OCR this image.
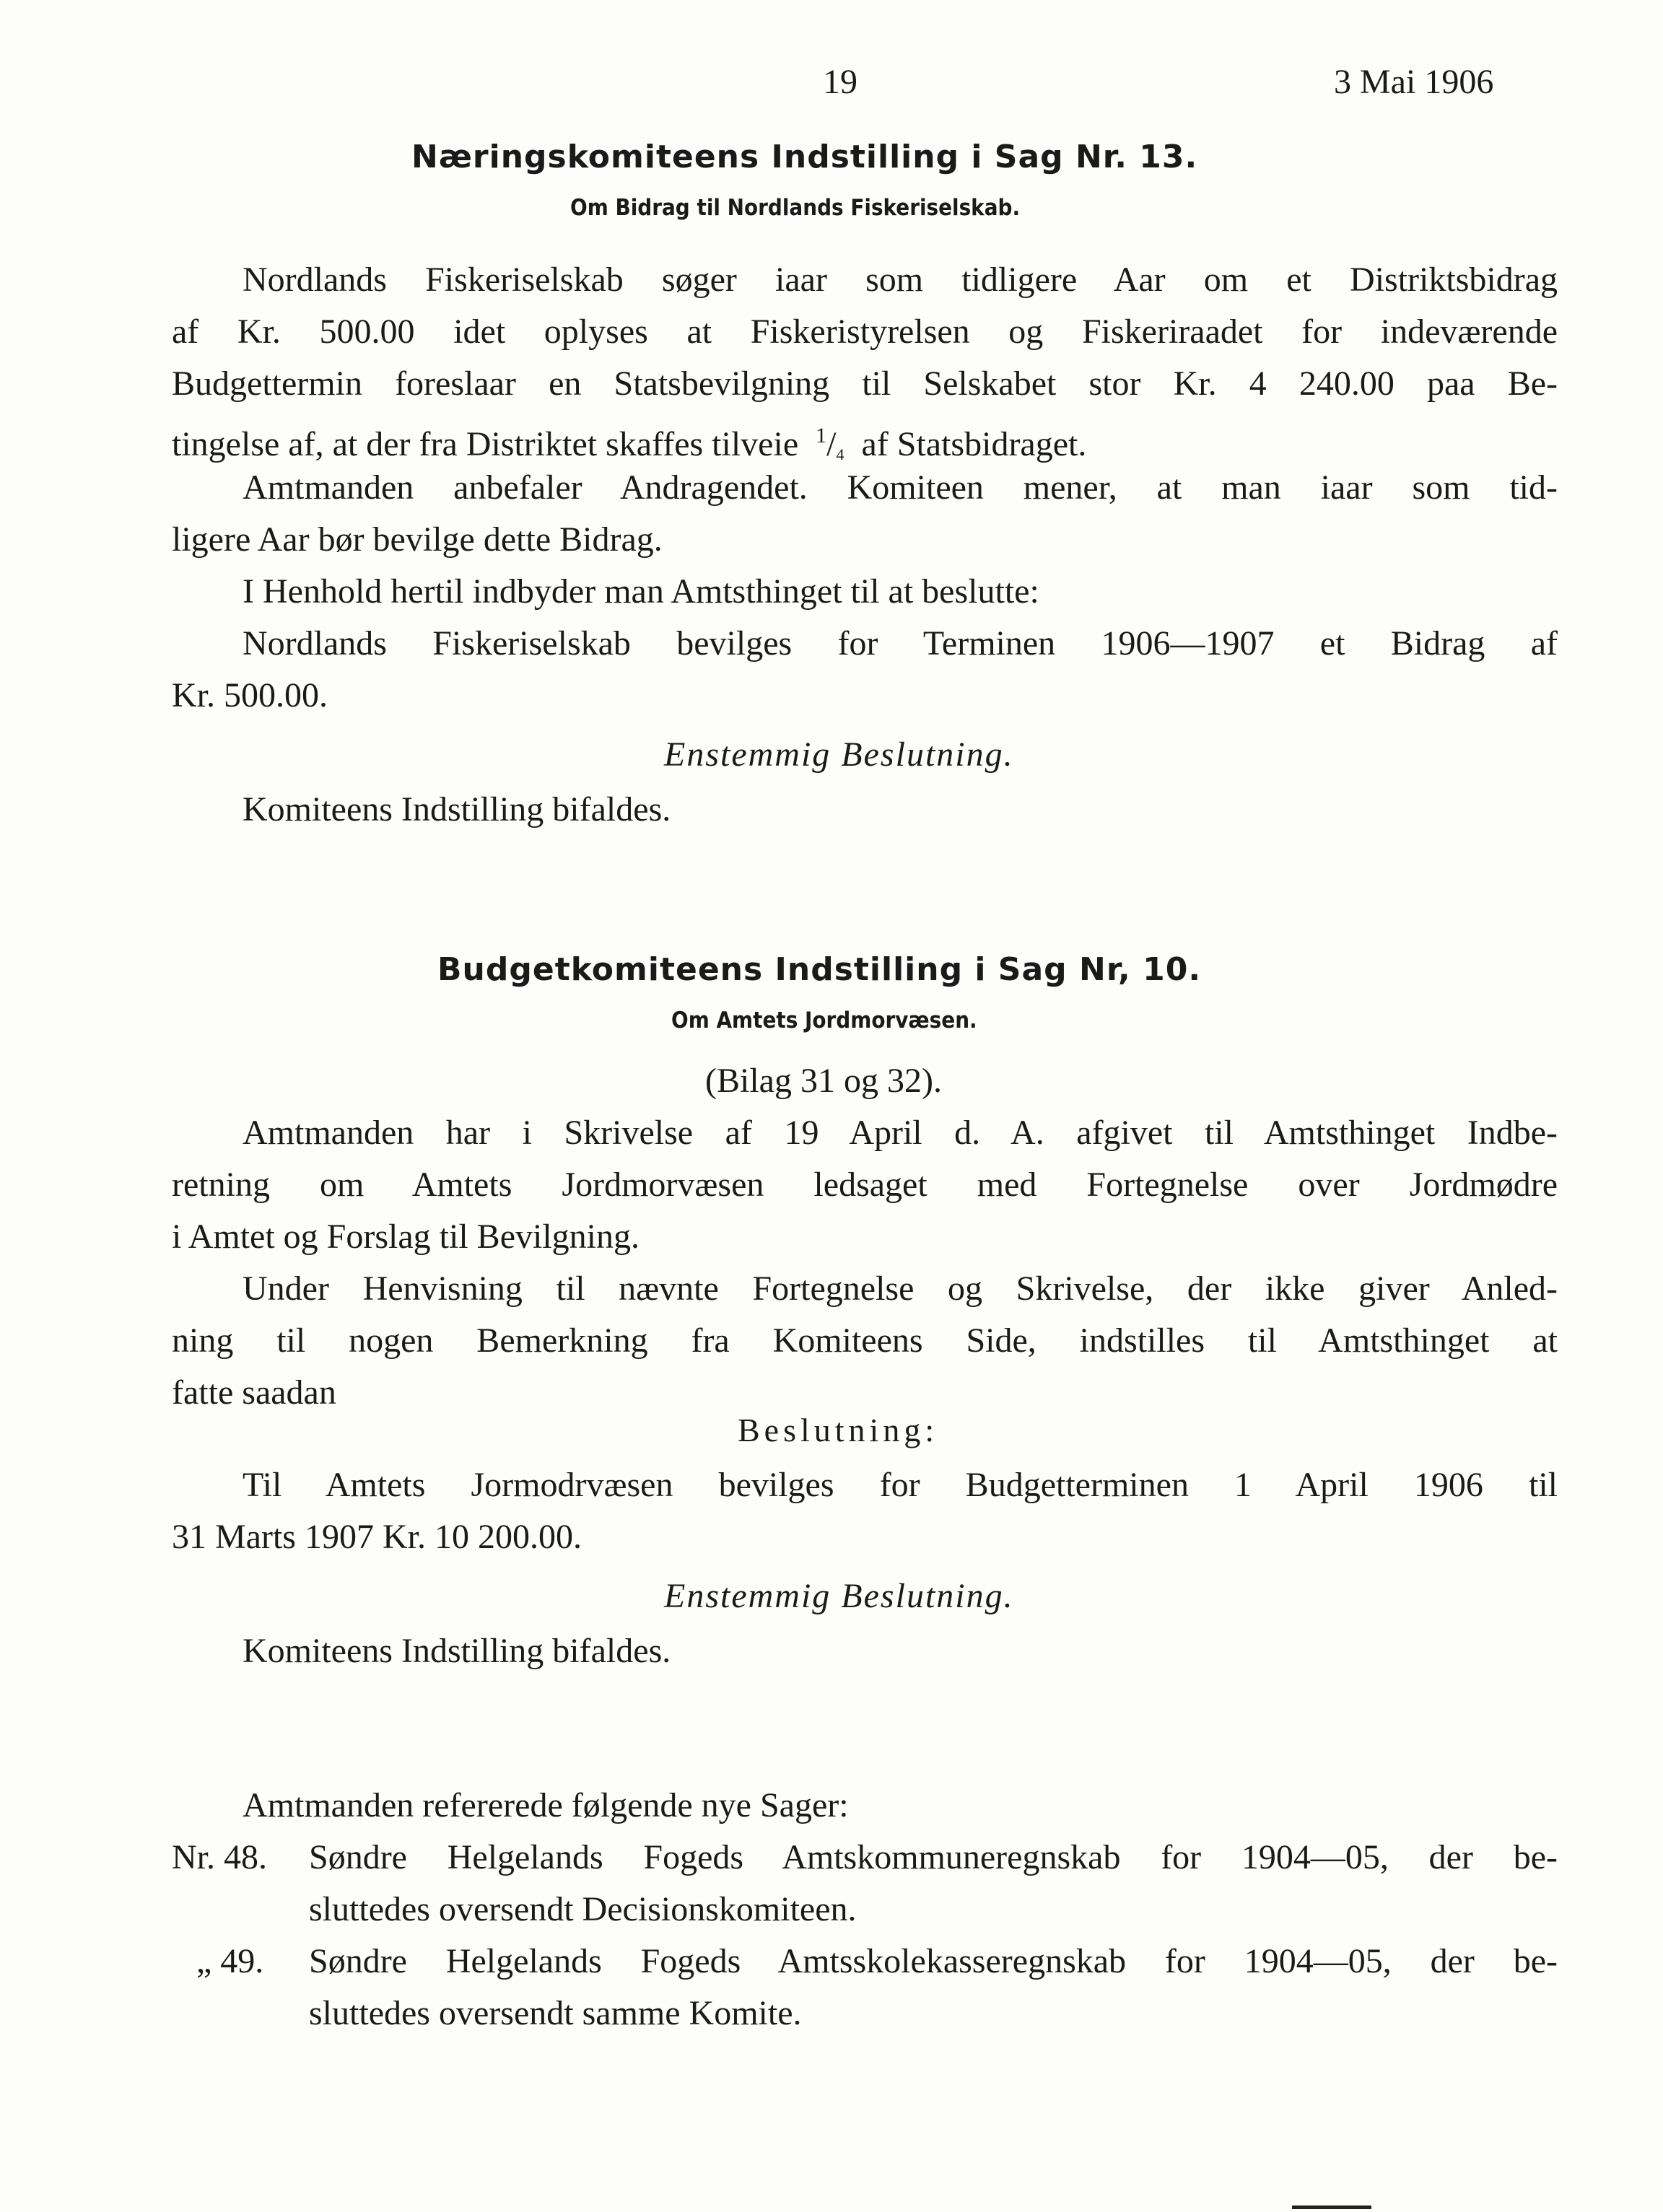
19	3 Mai 1906
Næringskomiteens Indstilling i Sag Nr. 13.
Om Bidrag til Nordlands Fiskeriselskab.
Nordlands Fiskeriselskab søger iaar som tidligere Aar om et Distriktsbidrag
af Kr. 500.00 idet oplyses at Fiskeristyrelsen og Fiskeriraadet for indeværende
Budgettermin foreslaar en Statsbevilgning til Selskabet stor Kr. 4 240.00 paa Be-
tingelse af, at der fra Distriktet skaffes tilveie $^1/_4$ af Statsbidraget.
Amtmanden anbefaler Andragendet. Komiteen mener, at man iaar som tid-
ligere Aar bør bevilge dette Bidrag.
I Henhold hertil indbyder man Amtsthinget til at beslutte:
Nordlands Fiskeriselskab bevilges for Terminen 1906—1907 et Bidrag af
Kr. 500.00.
Enstemmig Beslutning.
Komiteens Indstilling bifaldes.
Budgetkomiteens Indstilling i Sag Nr, 10.
Om Amtets Jordmorvæsen.
(Bilag 31 og 32).
Amtmanden har i Skrivelse af 19 April d. A. afgivet til Amtsthinget Indbe-
retning om Amtets Jordmorvæsen ledsaget med Fortegnelse over Jordmødre
i Amtet og Forslag til Bevilgning.
Under Henvisning til nævnte Fortegnelse og Skrivelse, der ikke giver Anled-
ning til nogen Bemerkning fra Komiteens Side, indstilles til Amtsthinget at
fatte saadan
Beslutning:
Til Amtets Jormodrvæsen bevilges for Budgetterminen 1 April 1906 til
31 Marts 1907 Kr. 10 200.00.
Enstemmig Beslutning.
Komiteens Indstilling bifaldes.
Amtmanden refererede følgende nye Sager:
Nr. 48. Søndre Helgelands Fogeds Amtskommuneregnskab for 1904—05, der be-
sluttedes oversendt Decisionskomiteen.
„ 49. Søndre Helgelands Fogeds Amtsskolekasseregnskab for 1904—05, der be-
sluttedes oversendt samme Komite.
